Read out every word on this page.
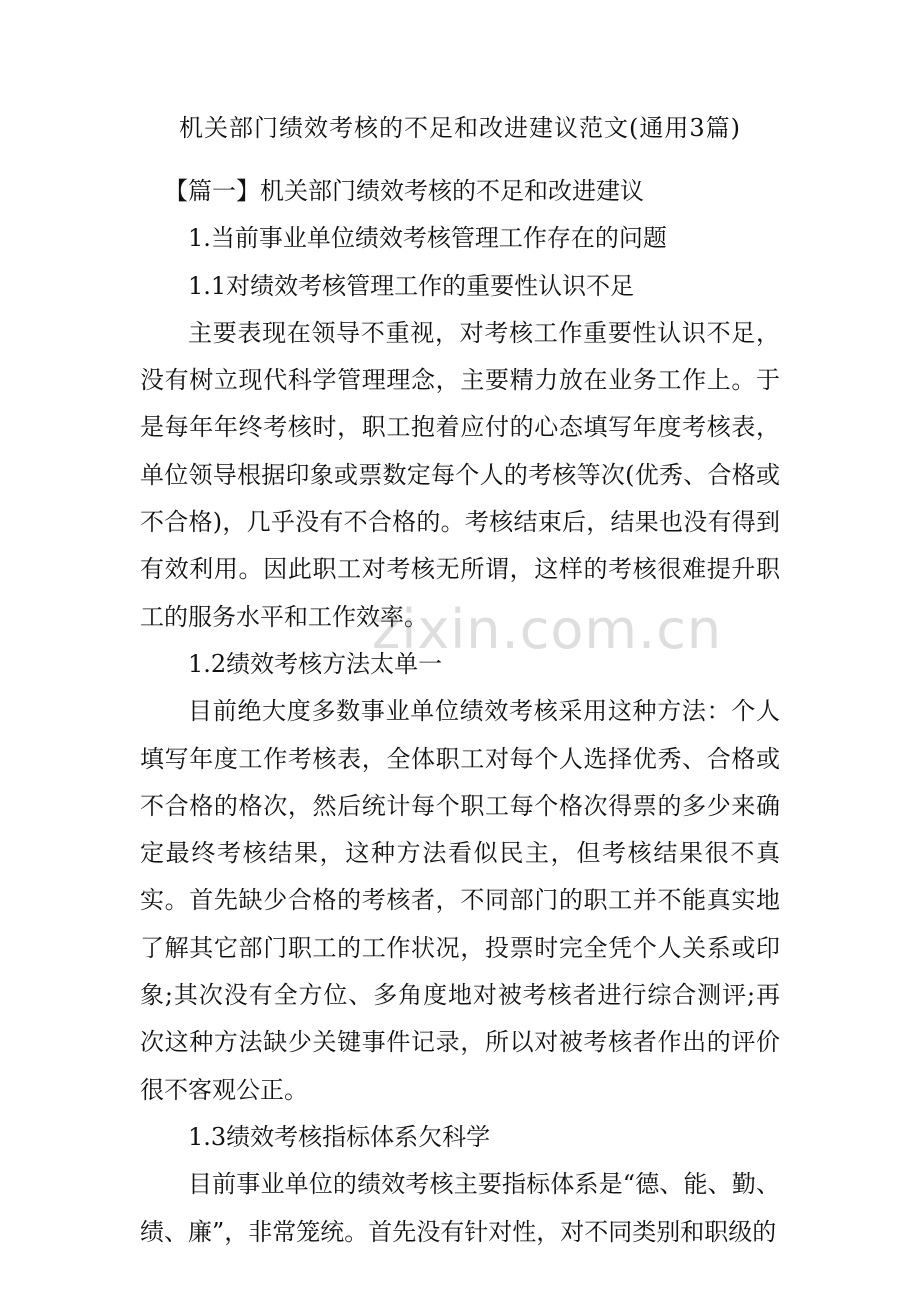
机关部门绩效考核的不足和改进建议范文(通用3篇)
zixin.com.cn

【篇一】机关部门绩效考核的不足和改进建议

1.当前事业单位绩效考核管理工作存在的问题

1.1对绩效考核管理工作的重要性认识不足

主要表现在领导不重视，对考核工作重要性认识不足，没有树立现代科学管理理念，主要精力放在业务工作上。于是每年年终考核时，职工抱着应付的心态填写年度考核表，单位领导根据印象或票数定每个人的考核等次(优秀、合格或不合格)，几乎没有不合格的。考核结束后，结果也没有得到有效利用。因此职工对考核无所谓，这样的考核很难提升职工的服务水平和工作效率。

1.2绩效考核方法太单一

目前绝大度多数事业单位绩效考核采用这种方法：个人填写年度工作考核表，全体职工对每个人选择优秀、合格或不合格的格次，然后统计每个职工每个格次得票的多少来确定最终考核结果，这种方法看似民主，但考核结果很不真实。首先缺少合格的考核者，不同部门的职工并不能真实地了解其它部门职工的工作状况，投票时完全凭个人关系或印象;其次没有全方位、多角度地对被考核者进行综合测评;再次这种方法缺少关键事件记录，所以对被考核者作出的评价很不客观公正。

1.3绩效考核指标体系欠科学

目前事业单位的绩效考核主要指标体系是“德、能、勤、绩、廉”，非常笼统。首先没有针对性，对不同类别和职级的
